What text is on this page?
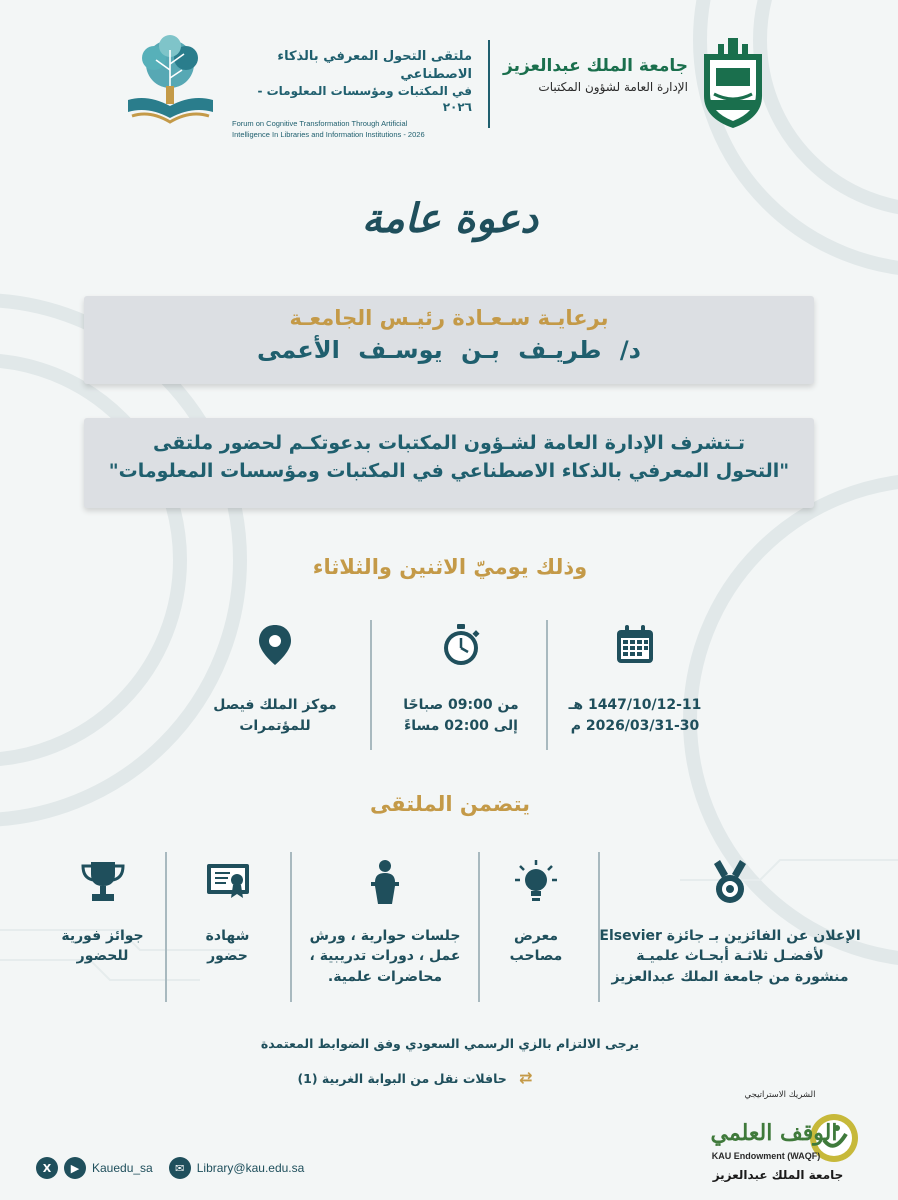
ملتقى التحول المعرفي بالذكاء الاصطناعي
في المكتبات ومؤسسات المعلومات - ٢٠٢٦
Forum on Cognitive Transformation Through Artificial
Intelligence In Libraries and Information Institutions - 2026
جامعة الملك عبدالعزيز
الإدارة العامة لشؤون المكتبات
دعوة عامة
برعايـة سـعـادة رئيـس الجامعـة
د/ طريـف بـن يوسـف الأعمى
تـتشرف الإدارة العامة لشـؤون المكتبات بدعوتكـم لحضور ملتقى
"التحول المعرفي بالذكاء الاصطناعي في المكتبات ومؤسسات المعلومات"
وذلك يوميّ الاثنين والثلاثاء
1447/10/12-11 هـ
2026/03/31-30 م
من 09:00 صباحًا
إلى 02:00 مساءً
موكز الملك فيصل
للمؤتمرات
يتضمن الملتقى
الإعلان عن الفائزين بـ جائزة Elsevier
لأفضـل ثلاثـة أبحـاث علميـة
منشورة من جامعة الملك عبدالعزيز
معرض
مصاحب
جلسات حوارية ، ورش
عمل ، دورات تدريبية ،
محاضرات علمية.
شهادة
حضور
جوائز فورية
للحضور
يرجى الالتزام بالزي الرسمي السعودي وفق الضوابط المعتمدة
⇄ حافلات نقل من البوابة الغربية (1)
الشريك الاستراتيجي
الوقف العلمي
KAU Endowment (WAQF)
جامعة الملك عبدالعزيز
X	▶	Kauedu_sa	✉	Library@kau.edu.sa
